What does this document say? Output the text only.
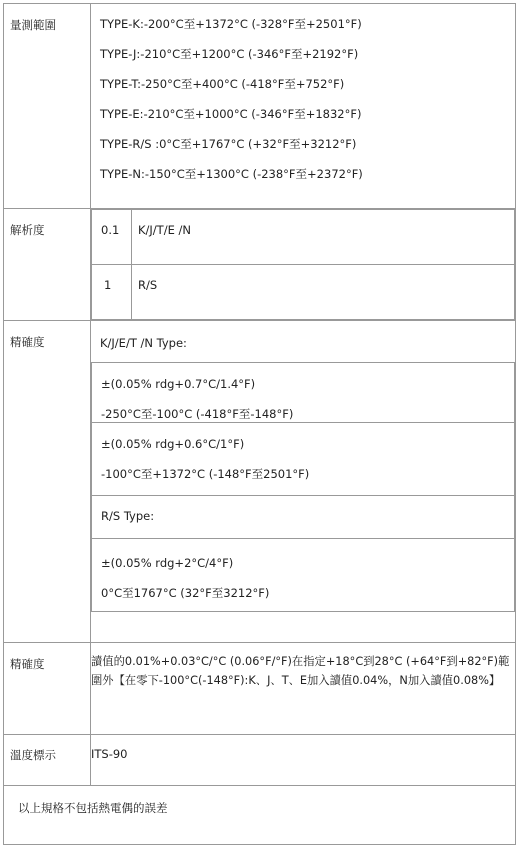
量測範圍	TYPE-K:-200°C至+1372°C (-328°F至+2501°F)
TYPE-J:-210°C至+1200°C (-346°F至+2192°F)
TYPE-T:-250°C至+400°C (-418°F至+752°F)
TYPE-E:-210°C至+1000°C (-346°F至+1832°F)
TYPE-R/S :0°C至+1767°C (+32°F至+3212°F)
TYPE-N:-150°C至+1300°C (-238°F至+2372°F)

解析度		0.1	K/J/T/E /N
1	R/S

精確度	K/J/E/T /N Type:
±(0.05% rdg+0.7°C/1.4°F)
-250°C至-100°C (-418°F至-148°F)
±(0.05% rdg+0.6°C/1°F)
-100°C至+1372°C (-148°F至2501°F)
R/S Type:
±(0.05% rdg+2°C/4°F)
0°C至1767°C (32°F至3212°F)

精確度	讀值的0.01%+0.03°C/°C (0.06°F/°F)在指定+18°C到28°C (+64°F到+82°F)範圍外【在零下-100°C(-148°F):K、J、T、E加入讀值0.04%，N加入讀值0.08%】
溫度標示	ITS-90
以上規格不包括熱電偶的誤差
